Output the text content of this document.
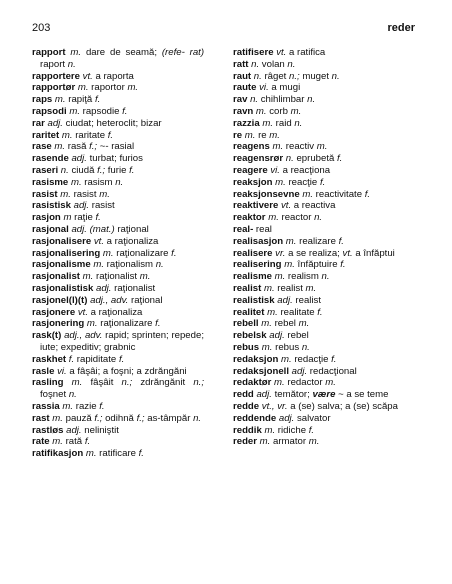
203	reder
rapport m. dare de seamă; (refe- rat) raport n.
rapportere vt. a raporta
rapportør m. raportor m.
raps m. rapiţă f.
rapsodi m. rapsodie f.
rar adj. ciudat; heteroclit; bizar
raritet m. raritate f.
rase m. rasă f.; ~- rasial
rasende adj. turbat; furios
raseri n. ciudă f.; furie f.
rasisme m. rasism n.
rasist m. rasist m.
rasistisk adj. rasist
rasjon m raţie f.
rasjonal adj. (mat.) raţional
rasjonalisere vt. a raţionaliza
rasjonalisering m. raţionalizare f.
rasjonalisme m. raţionalism n.
rasjonalist m. raţionalist m.
rasjonalistisk adj. raţionalist
rasjonel(l)(t) adj., adv. raţional
rasjonere vt. a raţionaliza
rasjonering m. raţionalizare f.
rask(t) adj., adv. rapid; sprinten; repede; iute; expeditiv; grabnic
raskhet f. rapiditate f.
rasle vi. a fâşâi; a foşni; a zdrăngăni
rasling m. fâşâit n.; zdrăngănit n.; foşnet n.
rassia m. razie f.
rast m. pauză f.; odihnă f.; as-tâmpăr n.
rastløs adj. neliniştit
rate m. rată f.
ratifikasjon m. ratificare f.
ratifisere vt. a ratifica
ratt n. volan n.
raut n. râget n.; muget n.
raute vi. a mugi
rav n. chihlimbar n.
ravn m. corb m.
razzia m. raid n.
re m. re m.
reagens m. reactiv m.
reagensrør n. eprubetă f.
reagere vi. a reacţiona
reaksjon m. reacţie f.
reaksjonsevne m. reactivitate f.
reaktivere vt. a reactiva
reaktor m. reactor n.
real- real
realisasjon m. realizare f.
realisere vr. a se realiza; vt. a înfăptui
realisering m. înfăptuire f.
realisme m. realism n.
realist m. realist m.
realistisk adj. realist
realitet m. realitate f.
rebell m. rebel m.
rebelsk adj. rebel
rebus m. rebus n.
redaksjon m. redacţie f.
redaksjonell adj. redacţional
redaktør m. redactor m.
redd adj. temător; være ~ a se teme
redde vt., vr. a (se) salva; a (se) scăpa
reddende adj. salvator
reddik m. ridiche f.
reder m. armator m.
